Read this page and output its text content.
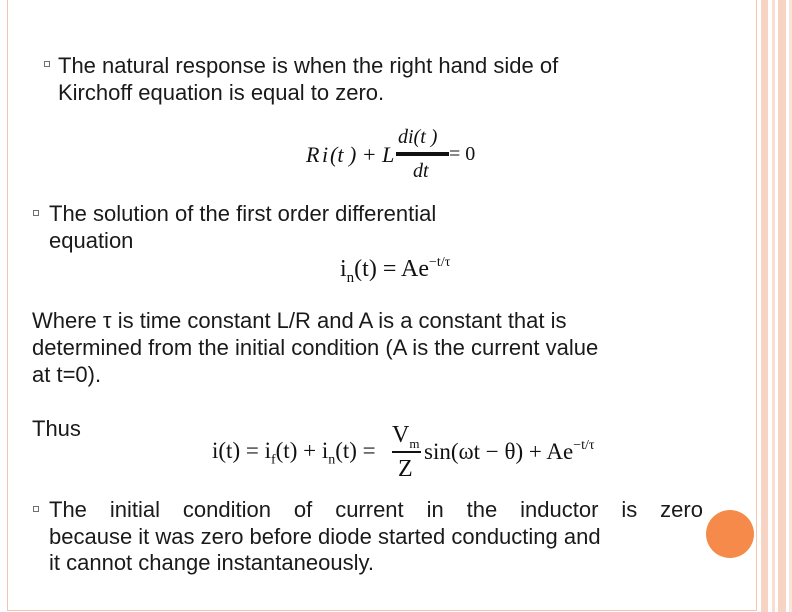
The natural response is when the right hand side of
Kirchoff equation is equal to zero.
R i (t ) + L
di(t )
dt
= 0
The solution of the first order differential
equation
$i_n(t) = Ae^{-t/\tau}$
Where τ is time constant L/R and A is a constant that is
determined from the initial condition (A is the current value
at t=0).
Thus
$i(t) = i_f(t) + i_n(t)$ =
$V_m$
Z
$\sin(\omega t - \theta) + Ae^{-t/\tau}$
The initial condition of current in the inductor is zero
because it was zero before diode started conducting and
it cannot change instantaneously.
